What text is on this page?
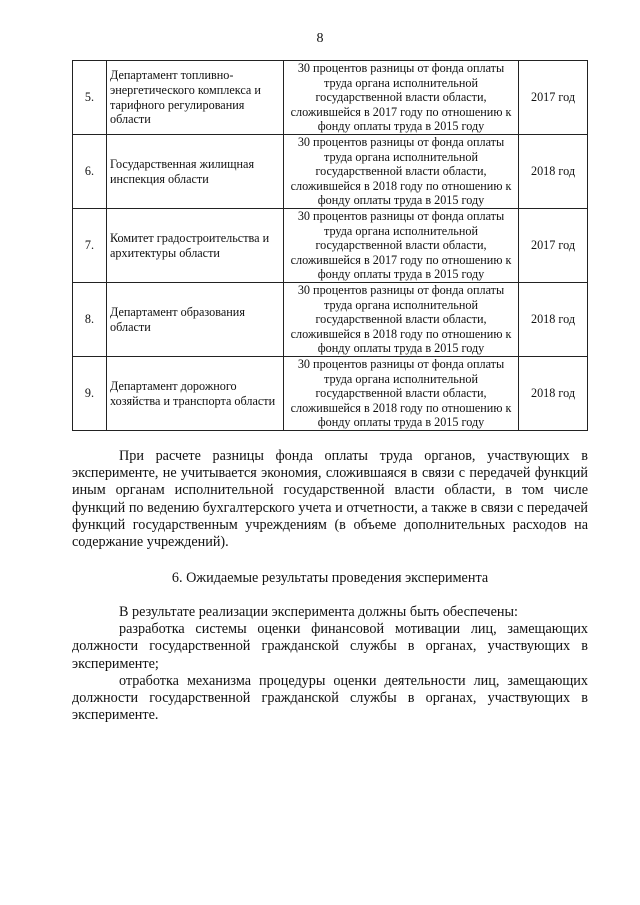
8
5.	Департамент топливно-энергетического комплекса и тарифного регулирования области	30 процентов разницы от фонда оплаты труда органа исполнительной государственной власти области, сложившейся в 2017 году по отношению к фонду оплаты труда в 2015 году	2017 год
6.	Государственная жилищная инспекция области	30 процентов разницы от фонда оплаты труда органа исполнительной государственной власти области, сложившейся в 2018 году по отношению к фонду оплаты труда в 2015 году	2018 год
7.	Комитет градостроительства и архитектуры области	30 процентов разницы от фонда оплаты труда органа исполнительной государственной власти области, сложившейся в 2017 году по отношению к фонду оплаты труда в 2015 году	2017 год
8.	Департамент образования области	30 процентов разницы от фонда оплаты труда органа исполнительной государственной власти области, сложившейся в 2018 году по отношению к фонду оплаты труда в 2015 году	2018 год
9.	Департамент дорожного хозяйства и транспорта области	30 процентов разницы от фонда оплаты труда органа исполнительной государственной власти области, сложившейся в 2018 году по отношению к фонду оплаты труда в 2015 году	2018 год

При расчете разницы фонда оплаты труда органов, участвующих в эксперименте, не учитывается экономия, сложившаяся в связи с передачей функций иным органам исполнительной государственной власти области, в том числе функций по ведению бухгалтерского учета и отчетности, а также в связи с передачей функций государственным учреждениям (в объеме дополнительных расходов на содержание учреждений).

6. Ожидаемые результаты проведения эксперимента

В результате реализации эксперимента должны быть обеспечены:

разработка системы оценки финансовой мотивации лиц, замещающих должности государственной гражданской службы в органах, участвующих в эксперименте;

отработка механизма процедуры оценки деятельности лиц, замещающих должности государственной гражданской службы в органах, участвующих в эксперименте.
